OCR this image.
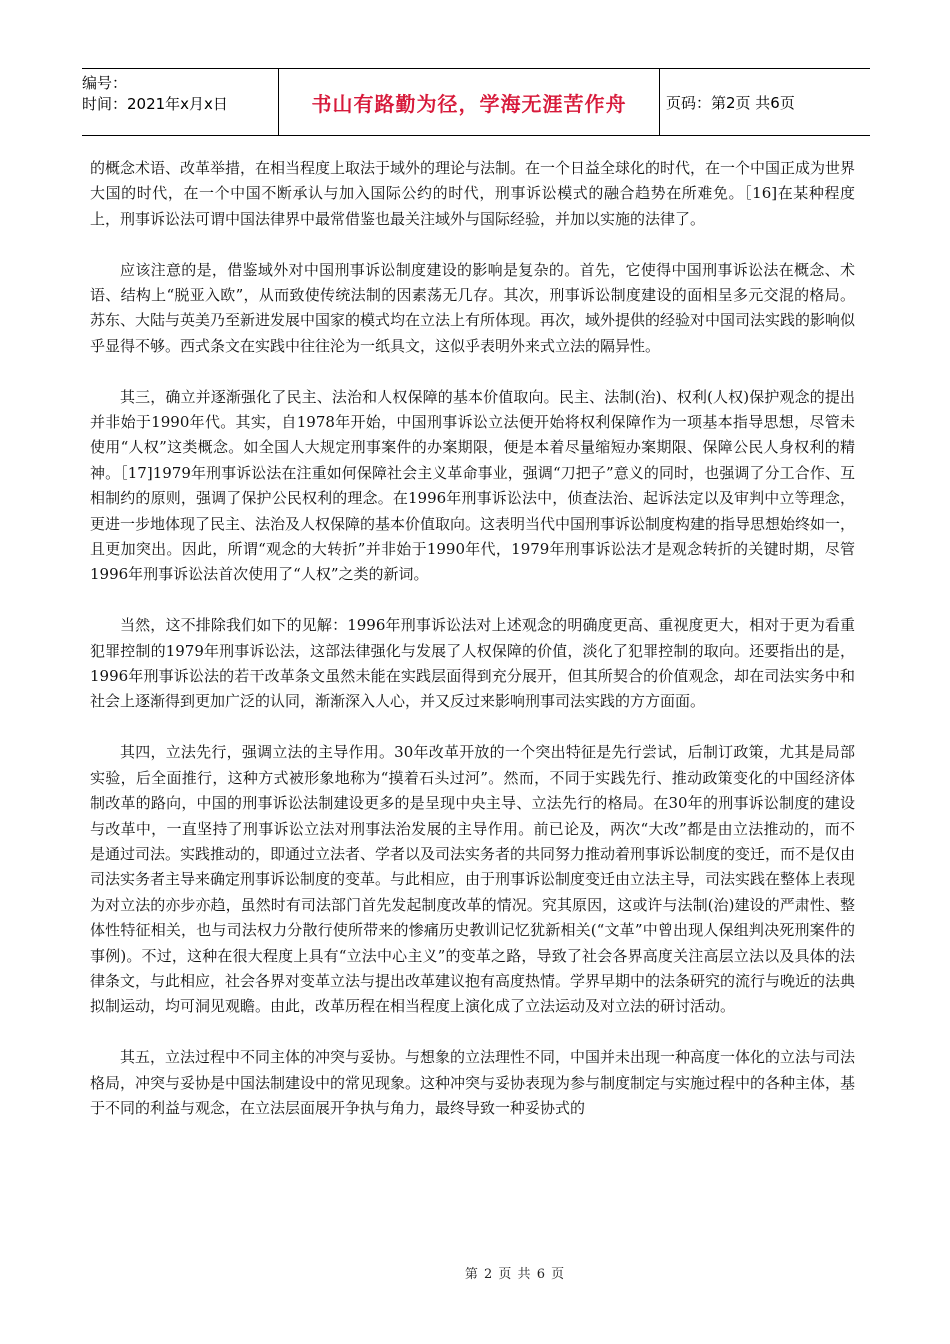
编号：
时间：2021年x月x日	书山有路勤为径，学海无涯苦作舟	页码：第2页 共6页

的概念术语、改革举措，在相当程度上取法于域外的理论与法制。在一个日益全球化的时代，在一个中国正成为世界大国的时代，在一个中国不断承认与加入国际公约的时代，刑事诉讼模式的融合趋势在所难免。［16]在某种程度上，刑事诉讼法可谓中国法律界中最常借鉴也最关注域外与国际经验，并加以实施的法律了。

应该注意的是，借鉴域外对中国刑事诉讼制度建设的影响是复杂的。首先，它使得中国刑事诉讼法在概念、术语、结构上“脱亚入欧”，从而致使传统法制的因素荡无几存。其次，刑事诉讼制度建设的面相呈多元交混的格局。苏东、大陆与英美乃至新进发展中国家的模式均在立法上有所体现。再次，域外提供的经验对中国司法实践的影响似乎显得不够。西式条文在实践中往往沦为一纸具文，这似乎表明外来式立法的隔异性。

其三，确立并逐渐强化了民主、法治和人权保障的基本价值取向。民主、法制(治)、权利(人权)保护观念的提出并非始于1990年代。其实，自1978年开始，中国刑事诉讼立法便开始将权利保障作为一项基本指导思想，尽管未使用“人权”这类概念。如全国人大规定刑事案件的办案期限，便是本着尽量缩短办案期限、保障公民人身权利的精神。［17]1979年刑事诉讼法在注重如何保障社会主义革命事业，强调“刀把子”意义的同时，也强调了分工合作、互相制约的原则，强调了保护公民权利的理念。在1996年刑事诉讼法中，侦查法治、起诉法定以及审判中立等理念，更进一步地体现了民主、法治及人权保障的基本价值取向。这表明当代中国刑事诉讼制度构建的指导思想始终如一，且更加突出。因此，所谓“观念的大转折”并非始于1990年代，1979年刑事诉讼法才是观念转折的关键时期，尽管1996年刑事诉讼法首次使用了“人权”之类的新词。

当然，这不排除我们如下的见解：1996年刑事诉讼法对上述观念的明确度更高、重视度更大，相对于更为看重犯罪控制的1979年刑事诉讼法，这部法律强化与发展了人权保障的价值，淡化了犯罪控制的取向。还要指出的是，1996年刑事诉讼法的若干改革条文虽然未能在实践层面得到充分展开，但其所契合的价值观念，却在司法实务中和社会上逐渐得到更加广泛的认同，渐渐深入人心，并又反过来影响刑事司法实践的方方面面。

其四，立法先行，强调立法的主导作用。30年改革开放的一个突出特征是先行尝试，后制订政策，尤其是局部实验，后全面推行，这种方式被形象地称为“摸着石头过河”。然而，不同于实践先行、推动政策变化的中国经济体制改革的路向，中国的刑事诉讼法制建设更多的是呈现中央主导、立法先行的格局。在30年的刑事诉讼制度的建设与改革中，一直坚持了刑事诉讼立法对刑事法治发展的主导作用。前已论及，两次“大改”都是由立法推动的，而不是通过司法。实践推动的，即通过立法者、学者以及司法实务者的共同努力推动着刑事诉讼制度的变迁，而不是仅由司法实务者主导来确定刑事诉讼制度的变革。与此相应，由于刑事诉讼制度变迁由立法主导，司法实践在整体上表现为对立法的亦步亦趋，虽然时有司法部门首先发起制度改革的情况。究其原因，这或许与法制(治)建设的严肃性、整体性特征相关，也与司法权力分散行使所带来的惨痛历史教训记忆犹新相关(“文革”中曾出现人保组判决死刑案件的事例)。不过，这种在很大程度上具有“立法中心主义”的变革之路，导致了社会各界高度关注高层立法以及具体的法律条文，与此相应，社会各界对变革立法与提出改革建议抱有高度热情。学界早期中的法条研究的流行与晚近的法典拟制运动，均可洞见观瞻。由此，改革历程在相当程度上演化成了立法运动及对立法的研讨活动。

其五，立法过程中不同主体的冲突与妥协。与想象的立法理性不同，中国并未出现一种高度一体化的立法与司法格局，冲突与妥协是中国法制建设中的常见现象。这种冲突与妥协表现为参与制度制定与实施过程中的各种主体，基于不同的利益与观念，在立法层面展开争执与角力，最终导致一种妥协式的

第 2 页 共 6 页
